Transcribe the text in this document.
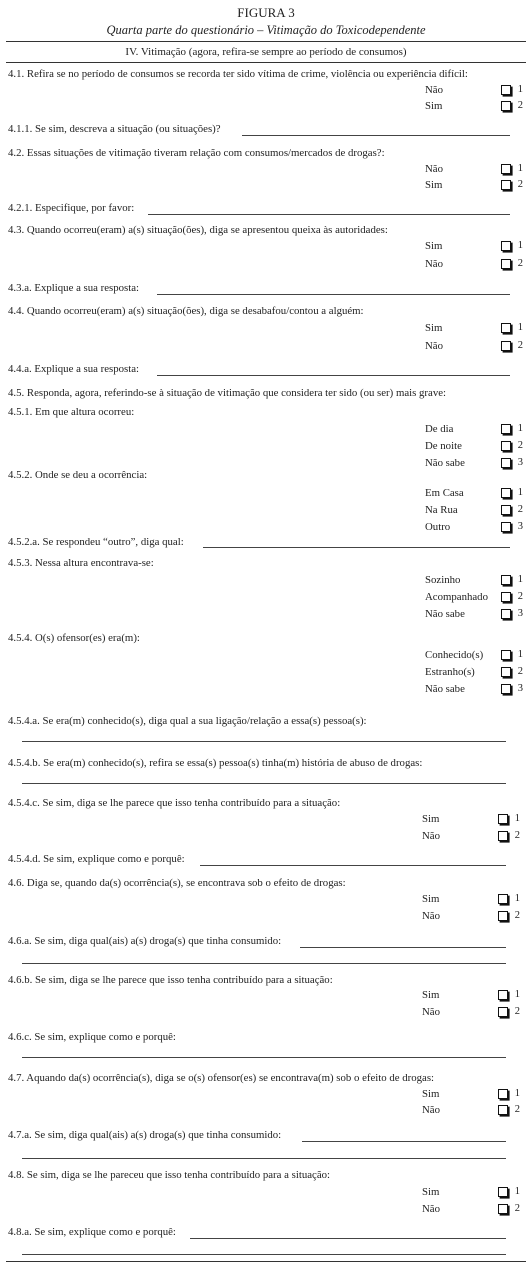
FIGURA 3
Quarta parte do questionário – Vitimação do Toxicodependente
IV. Vitimação (agora, refira-se sempre ao período de consumos)
4.1. Refira se no período de consumos se recorda ter sido vítima de crime, violência ou experiência difícil:
Não	1
Sim	2
4.1.1. Se sim, descreva a situação (ou situações)?
4.2. Essas situações de vitimação tiveram relação com consumos/mercados de drogas?:
Não	1
Sim	2
4.2.1. Especifique, por favor:
4.3. Quando ocorreu(eram) a(s) situação(ões), diga se apresentou queixa às autoridades:
Sim	1
Não	2
4.3.a. Explique a sua resposta:
4.4. Quando ocorreu(eram) a(s) situação(ões), diga se desabafou/contou a alguém:
Sim	1
Não	2
4.4.a. Explique a sua resposta:
4.5. Responda, agora, referindo-se à situação de vitimação que considera ter sido (ou ser) mais grave:
4.5.1. Em que altura ocorreu:
De dia	1
De noite	2
Não sabe	3
4.5.2. Onde se deu a ocorrência:
Em Casa	1
Na Rua	2
Outro	3
4.5.2.a. Se respondeu “outro”, diga qual:
4.5.3. Nessa altura encontrava-se:
Sozinho	1
Acompanhado	2
Não sabe	3
4.5.4. O(s) ofensor(es) era(m):
Conhecido(s)	1
Estranho(s)	2
Não sabe	3
4.5.4.a. Se era(m) conhecido(s), diga qual a sua ligação/relação a essa(s) pessoa(s):
4.5.4.b. Se era(m) conhecido(s), refira se essa(s) pessoa(s) tinha(m) história de abuso de drogas:
4.5.4.c. Se sim, diga se lhe parece que isso tenha contribuído para a situação:
Sim	1
Não	2
4.5.4.d. Se sim, explique como e porquê:
4.6. Diga se, quando da(s) ocorrência(s), se encontrava sob o efeito de drogas:
Sim	1
Não	2
4.6.a. Se sim, diga qual(ais) a(s) droga(s) que tinha consumido:
4.6.b. Se sim, diga se lhe parece que isso tenha contribuído para a situação:
Sim	1
Não	2
4.6.c. Se sim, explique como e porquê:
4.7. Aquando da(s) ocorrência(s), diga se o(s) ofensor(es) se encontrava(m) sob o efeito de drogas:
Sim	1
Não	2
4.7.a. Se sim, diga qual(ais) a(s) droga(s) que tinha consumido:
4.8. Se sim, diga se lhe pareceu que isso tenha contribuído para a situação:
Sim	1
Não	2
4.8.a. Se sim, explique como e porquê:
